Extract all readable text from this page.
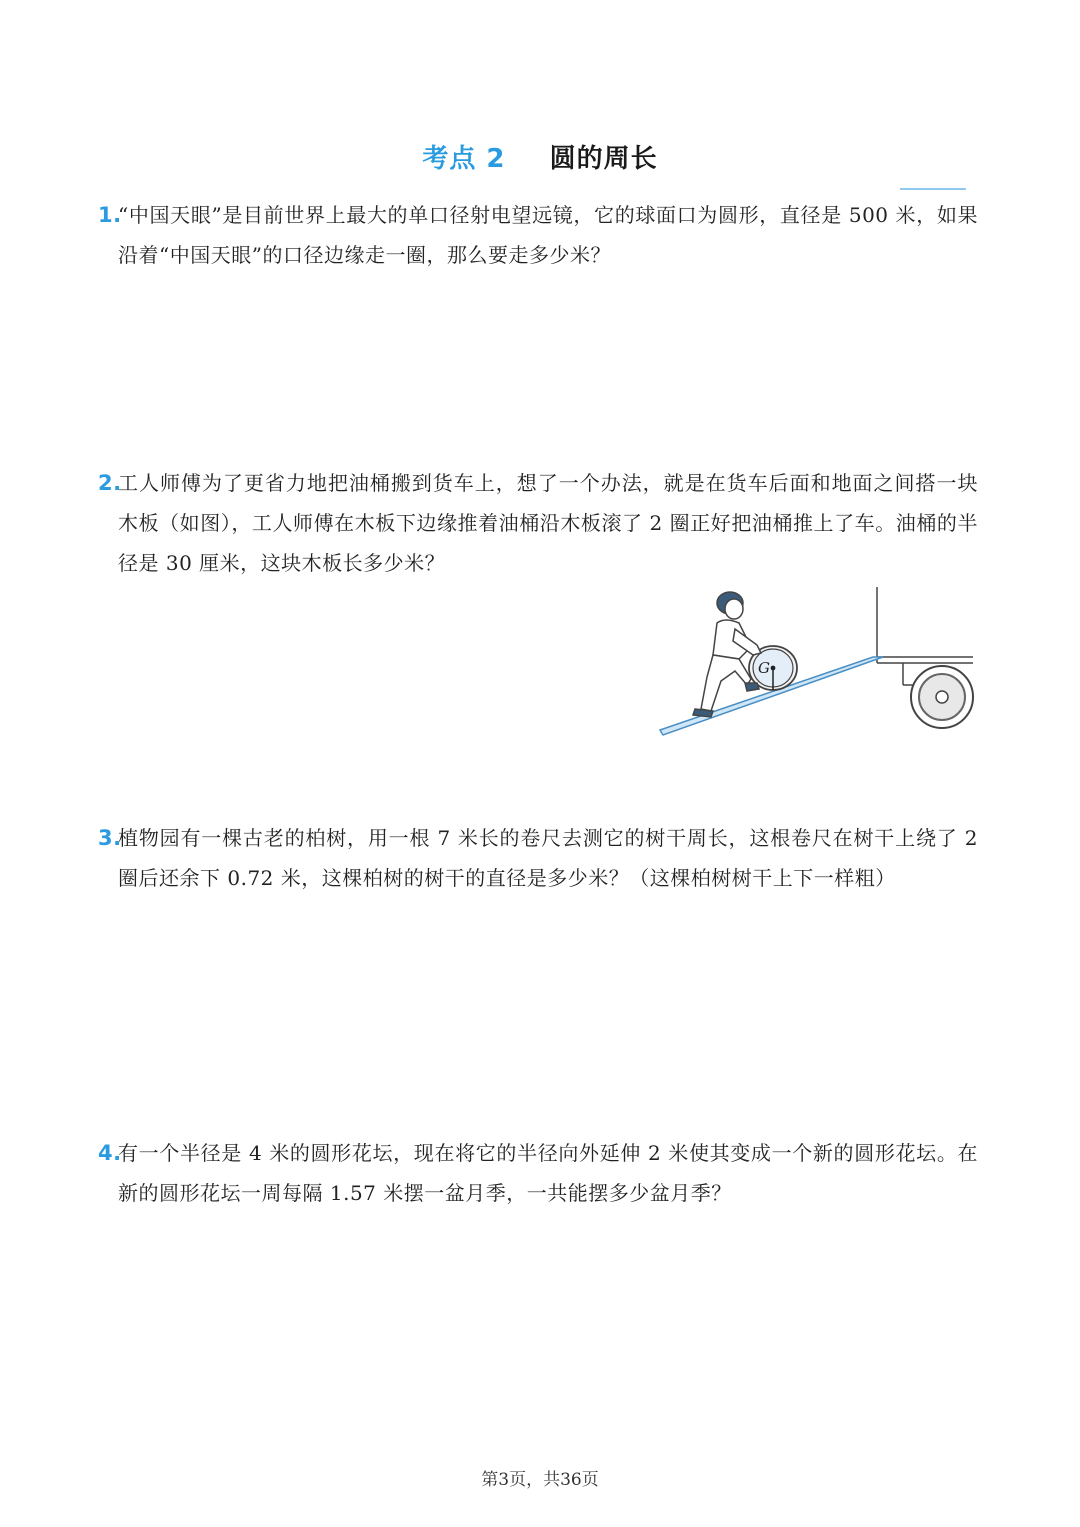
考点 2 圆的周长
1.
“中国天眼”是目前世界上最大的单口径射电望远镜，它的球面口为圆形，直径是 500 米，如果沿着“中国天眼”的口径边缘走一圈，那么要走多少米？
2.
工人师傅为了更省力地把油桶搬到货车上，想了一个办法，就是在货车后面和地面之间搭一块木板（如图），工人师傅在木板下边缘推着油桶沿木板滚了 2 圈正好把油桶推上了车。油桶的半径是 30 厘米，这块木板长多少米？
G
3.
植物园有一棵古老的柏树，用一根 7 米长的卷尺去测它的树干周长，这根卷尺在树干上绕了 2 圈后还余下 0.72 米，这棵柏树的树干的直径是多少米？（这棵柏树树干上下一样粗）
4.
有一个半径是 4 米的圆形花坛，现在将它的半径向外延伸 2 米使其变成一个新的圆形花坛。在新的圆形花坛一周每隔 1.57 米摆一盆月季，一共能摆多少盆月季？
第3页，共36页
